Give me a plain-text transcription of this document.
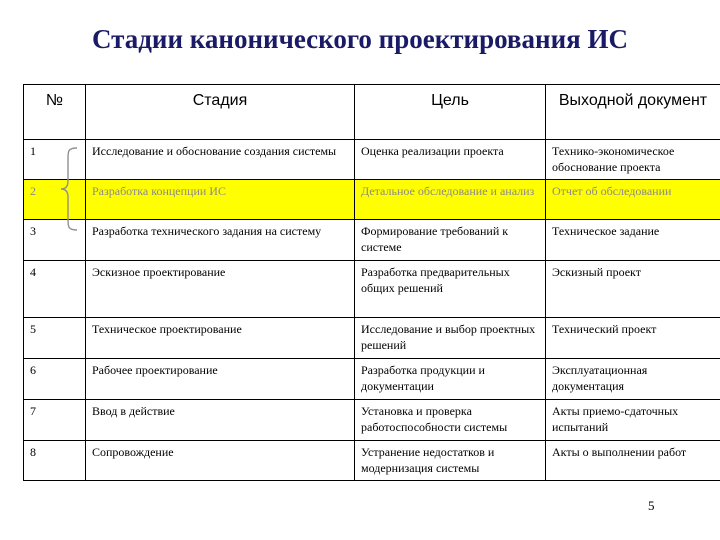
Стадии канонического проектирования ИС
№	Стадия	Цель	Выходной документ
1	Исследование и обоснование создания системы	Оценка реализации проекта	Технико-экономическое обоснование проекта
2	Разработка концепции ИС	Детальное обследование и анализ	Отчет об обследовании
3	Разработка технического задания на систему	Формирование требований к системе	Техническое задание
4	Эскизное проектирование	Разработка предварительных общих решений	Эскизный проект
5	Техническое проектирование	Исследование и выбор проектных решений	Технический проект
6	Рабочее проектирование	Разработка продукции и документации	Эксплуатационная документация
7	Ввод в действие	Установка и проверка работоспособности системы	Акты приемо-сдаточных испытаний
8	Сопровождение	Устранение недостатков и модернизация системы	Акты о выполнении работ
5
